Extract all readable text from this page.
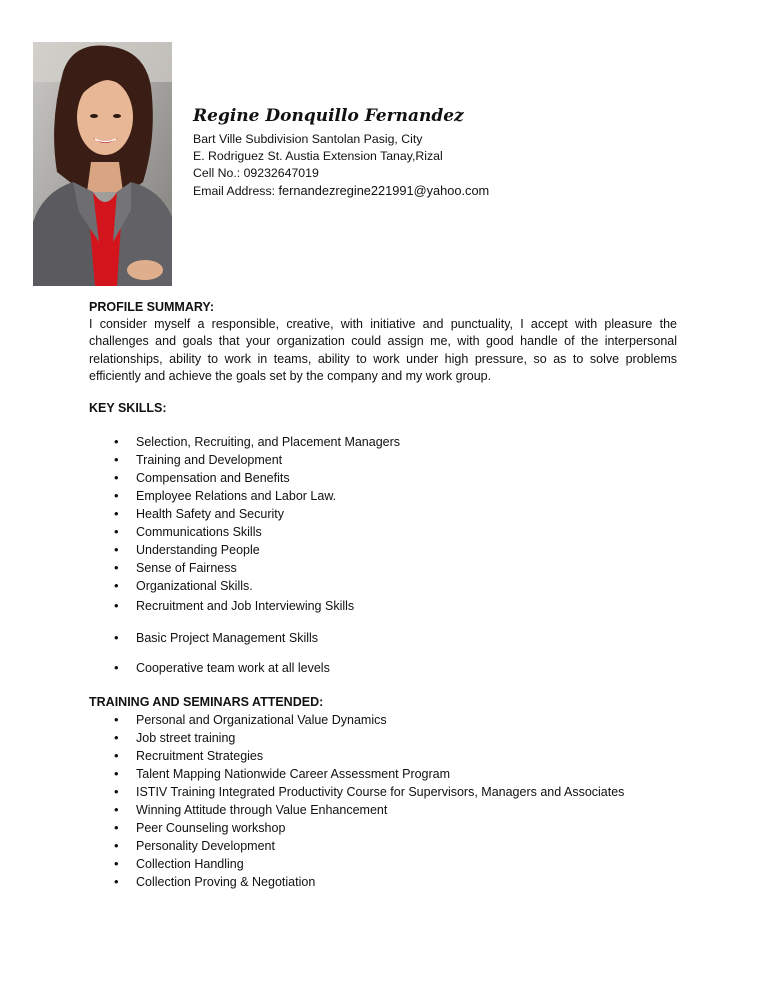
Regine Donquillo Fernandez
Bart Ville Subdivision Santolan Pasig, City
E. Rodriguez St. Austia Extension Tanay,Rizal
Cell No.: 09232647019
Email Address: fernandezregine221991@yahoo.com
PROFILE SUMMARY:

I consider myself a responsible, creative, with initiative and punctuality, I accept with pleasure the challenges and goals that your organization could assign me, with good handle of the interpersonal relationships, ability to work in teams, ability to work under high pressure, so as to solve problems efficiently and achieve the goals set by the company and my work group.

KEY SKILLS:
• Selection, Recruiting, and Placement Managers
• Training and Development
• Compensation and Benefits
• Employee Relations and Labor Law.
• Health Safety and Security
• Communications Skills
• Understanding People
• Sense of Fairness
• Organizational Skills.
• Recruitment and Job Interviewing Skills
• Basic Project Management Skills
• Cooperative team work at all levels
TRAINING AND SEMINARS ATTENDED:
• Personal and Organizational Value Dynamics
• Job street training
• Recruitment Strategies
• Talent Mapping Nationwide Career Assessment Program
• ISTIV Training Integrated Productivity Course for Supervisors, Managers and Associates
• Winning Attitude through Value Enhancement
• Peer Counseling workshop
• Personality Development
• Collection Handling
• Collection Proving & Negotiation
